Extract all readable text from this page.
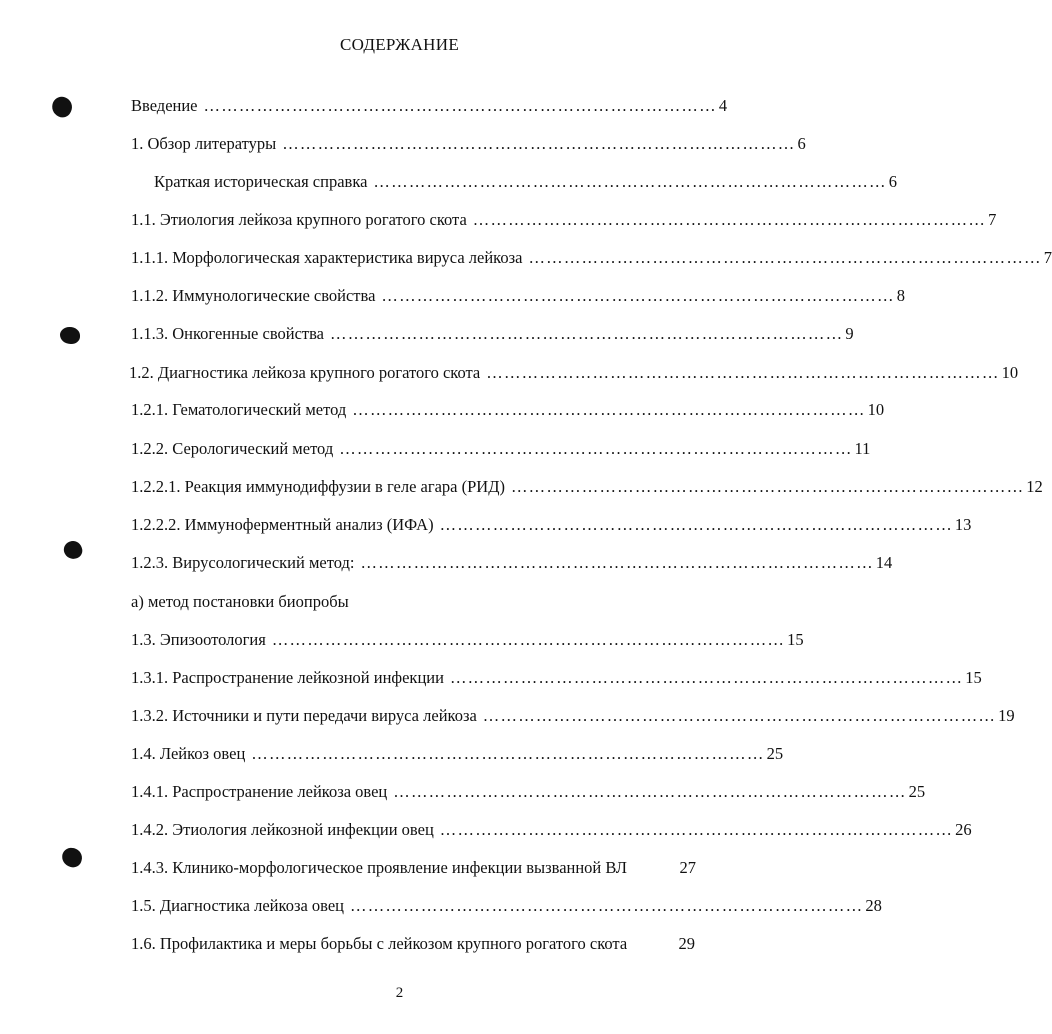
СОДЕРЖАНИЕ
Введение …………………………………………………………………………… 4
1. Обзор литературы …………………………………………………………………………… 6
Краткая историческая справка …………………………………………………………………………… 6
1.1. Этиология лейкоза крупного рогатого скота …………………………………………………………………………… 7
1.1.1. Морфологическая характеристика вируса лейкоза …………………………………………………………………………… 7
1.1.2. Иммунологические свойства …………………………………………………………………………… 8
1.1.3. Онкогенные свойства …………………………………………………………………………… 9
1.2. Диагностика лейкоза крупного рогатого скота …………………………………………………………………………… 10
1.2.1. Гематологический метод …………………………………………………………………………… 10
1.2.2. Серологический метод …………………………………………………………………………… 11
1.2.2.1. Реакция иммунодиффузии в геле агара (РИД) …………………………………………………………………………… 12
1.2.2.2. Иммуноферментный анализ (ИФА) …………………………………………………………………………… 13
1.2.3. Вирусологический метод: …………………………………………………………………………… 14
а) метод постановки биопробы
1.3. Эпизоотология …………………………………………………………………………… 15
1.3.1. Распространение лейкозной инфекции …………………………………………………………………………… 15
1.3.2. Источники и пути передачи вируса лейкоза …………………………………………………………………………… 19
1.4. Лейкоз овец …………………………………………………………………………… 25
1.4.1. Распространение лейкоза овец …………………………………………………………………………… 25
1.4.2. Этиология лейкозной инфекции овец …………………………………………………………………………… 26
1.4.3. Клинико-морфологическое проявление инфекции вызванной ВЛ	27
1.5. Диагностика лейкоза овец …………………………………………………………………………… 28
1.6. Профилактика и меры борьбы с лейкозом крупного рогатого скота	29
2
